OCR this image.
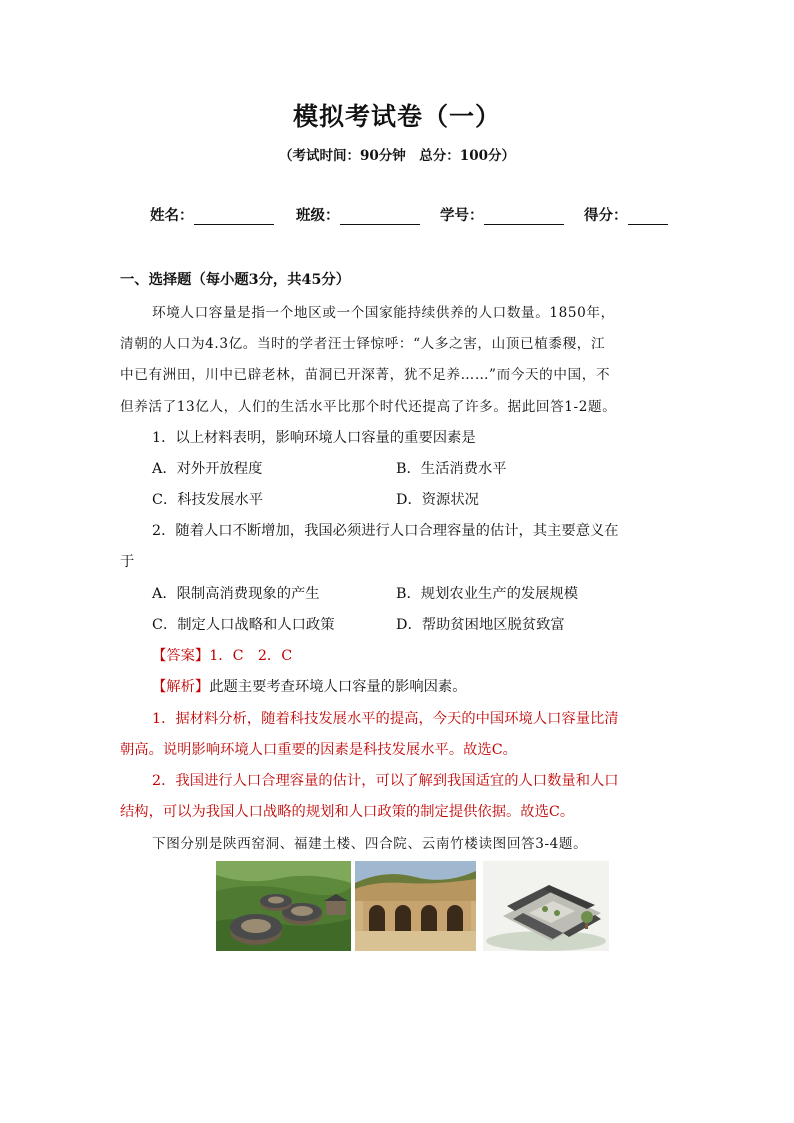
模拟考试卷（一）
（考试时间：90分钟　总分：100分）
姓名：	班级：	学号：	得分：
一、选择题（每小题3分，共45分）
环境人口容量是指一个地区或一个国家能持续供养的人口数量。1850年，
清朝的人口为4.3亿。当时的学者汪士铎惊呼：“人多之害，山顶已植黍稷，江
中已有洲田，川中已辟老林，苗洞已开深菁，犹不足养……”而今天的中国，不
但养活了13亿人，人们的生活水平比那个时代还提高了许多。据此回答1-2题。
1．以上材料表明，影响环境人口容量的重要因素是
A．对外开放程度	B．生活消费水平
C．科技发展水平	D．资源状况
2．随着人口不断增加，我国必须进行人口合理容量的估计，其主要意义在
于
A．限制高消费现象的产生	B．规划农业生产的发展规模
C．制定人口战略和人口政策	D．帮助贫困地区脱贫致富
【答案】1．C　2．C
【解析】此题主要考查环境人口容量的影响因素。
1．据材料分析，随着科技发展水平的提高，今天的中国环境人口容量比清
朝高。说明影响环境人口重要的因素是科技发展水平。故选C。
2．我国进行人口合理容量的估计，可以了解到我国适宜的人口数量和人口
结构，可以为我国人口战略的规划和人口政策的制定提供依据。故选C。
下图分别是陕西窑洞、福建土楼、四合院、云南竹楼读图回答3-4题。
